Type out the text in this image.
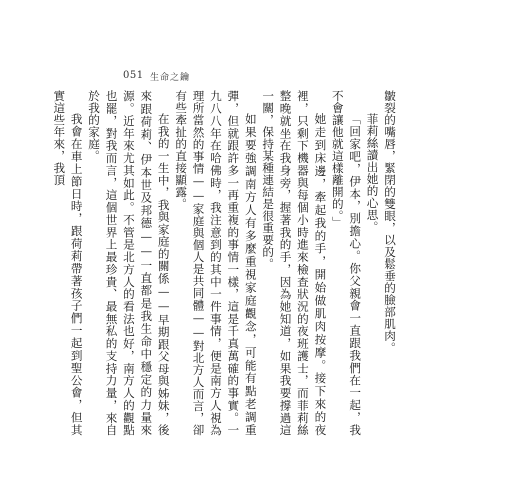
051 生命之鑰

皺裂的嘴唇，緊閉的雙眼，以及鬆垂的臉部肌肉。

菲莉絲讀出她的心思。

「回家吧，伊本，別擔心。你父親會一直跟我們在一起，我不會讓他就這樣離開的。」

她走到床邊，牽起我的手，開始做肌肉按摩。接下來的夜裡，只剩下機器與每個小時進來檢查狀況的夜班護士，而菲莉絲整晚就坐在我身旁，握著我的手，因為她知道，如果我要撐過這一關，保持某種連結是很重要的。

如果要強調南方人有多麼重視家庭觀念，可能有點老調重彈，但就跟許多一再重複的事情一樣，這是千真萬確的事實。一九八八年在哈佛時，我注意到的其中一件事情，便是南方人視為理所當然的事情——家庭與個人是共同體——對北方人而言，卻有些牽扯的直接顯露。

在我的一生中，我與家庭的關係——早期跟父母與姊妹，後來跟荷莉、伊本世及邦德——一直都是我生命中穩定的力量來源。近年來尤其如此。不管是北方人的看法也好，南方人的觀點也罷，對我而言，這個世界上最珍貴、最無私的支持力量，來自於我的家庭。

我會在車上節日時，跟荷莉帶著孩子們一起到聖公會，但其實這些年來，我頂
